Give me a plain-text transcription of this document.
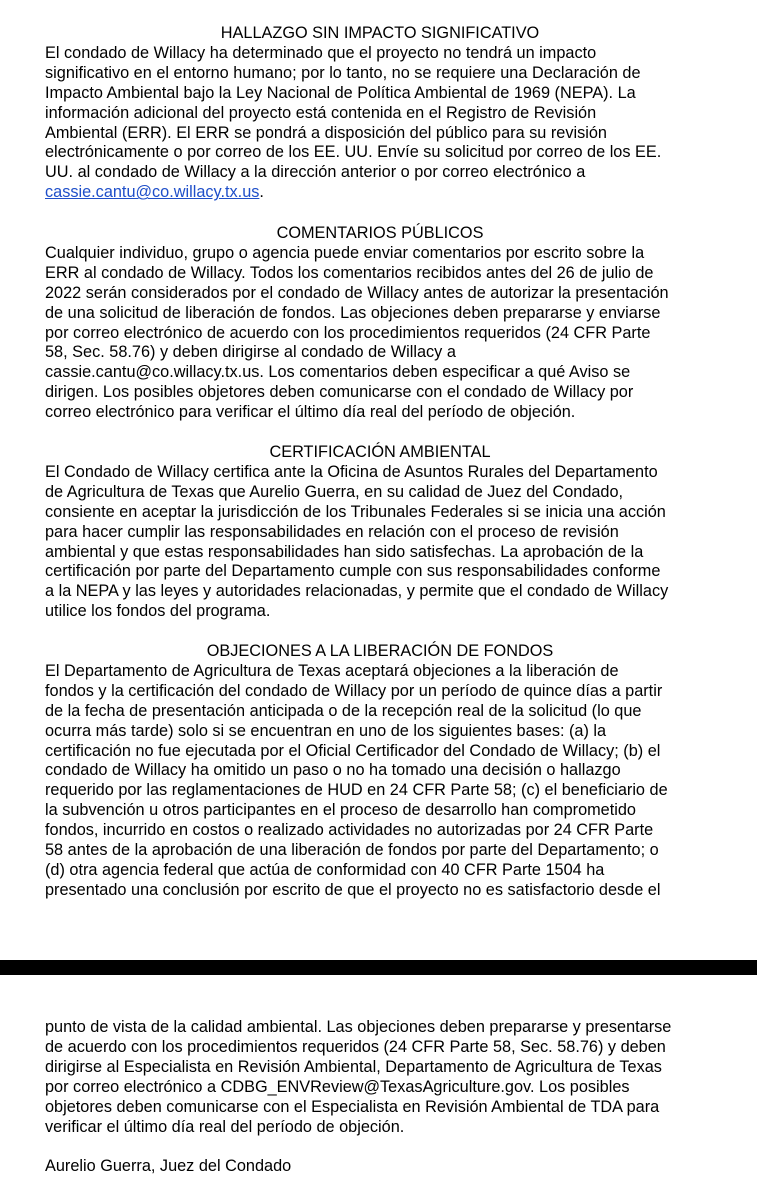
HALLAZGO SIN IMPACTO SIGNIFICATIVO

El condado de Willacy ha determinado que el proyecto no tendrá un impacto
significativo en el entorno humano; por lo tanto, no se requiere una Declaración de
Impacto Ambiental bajo la Ley Nacional de Política Ambiental de 1969 (NEPA). La
información adicional del proyecto está contenida en el Registro de Revisión
Ambiental (ERR). El ERR se pondrá a disposición del público para su revisión
electrónicamente o por correo de los EE. UU. Envíe su solicitud por correo de los EE.
UU. al condado de Willacy a la dirección anterior o por correo electrónico a
cassie.cantu@co.willacy.tx.us.

COMENTARIOS PÚBLICOS

Cualquier individuo, grupo o agencia puede enviar comentarios por escrito sobre la
ERR al condado de Willacy. Todos los comentarios recibidos antes del 26 de julio de
2022 serán considerados por el condado de Willacy antes de autorizar la presentación
de una solicitud de liberación de fondos. Las objeciones deben prepararse y enviarse
por correo electrónico de acuerdo con los procedimientos requeridos (24 CFR Parte
58, Sec. 58.76) y deben dirigirse al condado de Willacy a
cassie.cantu@co.willacy.tx.us. Los comentarios deben especificar a qué Aviso se
dirigen. Los posibles objetores deben comunicarse con el condado de Willacy por
correo electrónico para verificar el último día real del período de objeción.

CERTIFICACIÓN AMBIENTAL

El Condado de Willacy certifica ante la Oficina de Asuntos Rurales del Departamento
de Agricultura de Texas que Aurelio Guerra, en su calidad de Juez del Condado,
consiente en aceptar la jurisdicción de los Tribunales Federales si se inicia una acción
para hacer cumplir las responsabilidades en relación con el proceso de revisión
ambiental y que estas responsabilidades han sido satisfechas. La aprobación de la
certificación por parte del Departamento cumple con sus responsabilidades conforme
a la NEPA y las leyes y autoridades relacionadas, y permite que el condado de Willacy
utilice los fondos del programa.

OBJECIONES A LA LIBERACIÓN DE FONDOS

El Departamento de Agricultura de Texas aceptará objeciones a la liberación de
fondos y la certificación del condado de Willacy por un período de quince días a partir
de la fecha de presentación anticipada o de la recepción real de la solicitud (lo que
ocurra más tarde) solo si se encuentran en uno de los siguientes bases: (a) la
certificación no fue ejecutada por el Oficial Certificador del Condado de Willacy; (b) el
condado de Willacy ha omitido un paso o no ha tomado una decisión o hallazgo
requerido por las reglamentaciones de HUD en 24 CFR Parte 58; (c) el beneficiario de
la subvención u otros participantes en el proceso de desarrollo han comprometido
fondos, incurrido en costos o realizado actividades no autorizadas por 24 CFR Parte
58 antes de la aprobación de una liberación de fondos por parte del Departamento; o
(d) otra agencia federal que actúa de conformidad con 40 CFR Parte 1504 ha
presentado una conclusión por escrito de que el proyecto no es satisfactorio desde el

punto de vista de la calidad ambiental. Las objeciones deben prepararse y presentarse
de acuerdo con los procedimientos requeridos (24 CFR Parte 58, Sec. 58.76) y deben
dirigirse al Especialista en Revisión Ambiental, Departamento de Agricultura de Texas
por correo electrónico a CDBG_ENVReview@TexasAgriculture.gov. Los posibles
objetores deben comunicarse con el Especialista en Revisión Ambiental de TDA para
verificar el último día real del período de objeción.

Aurelio Guerra, Juez del Condado
